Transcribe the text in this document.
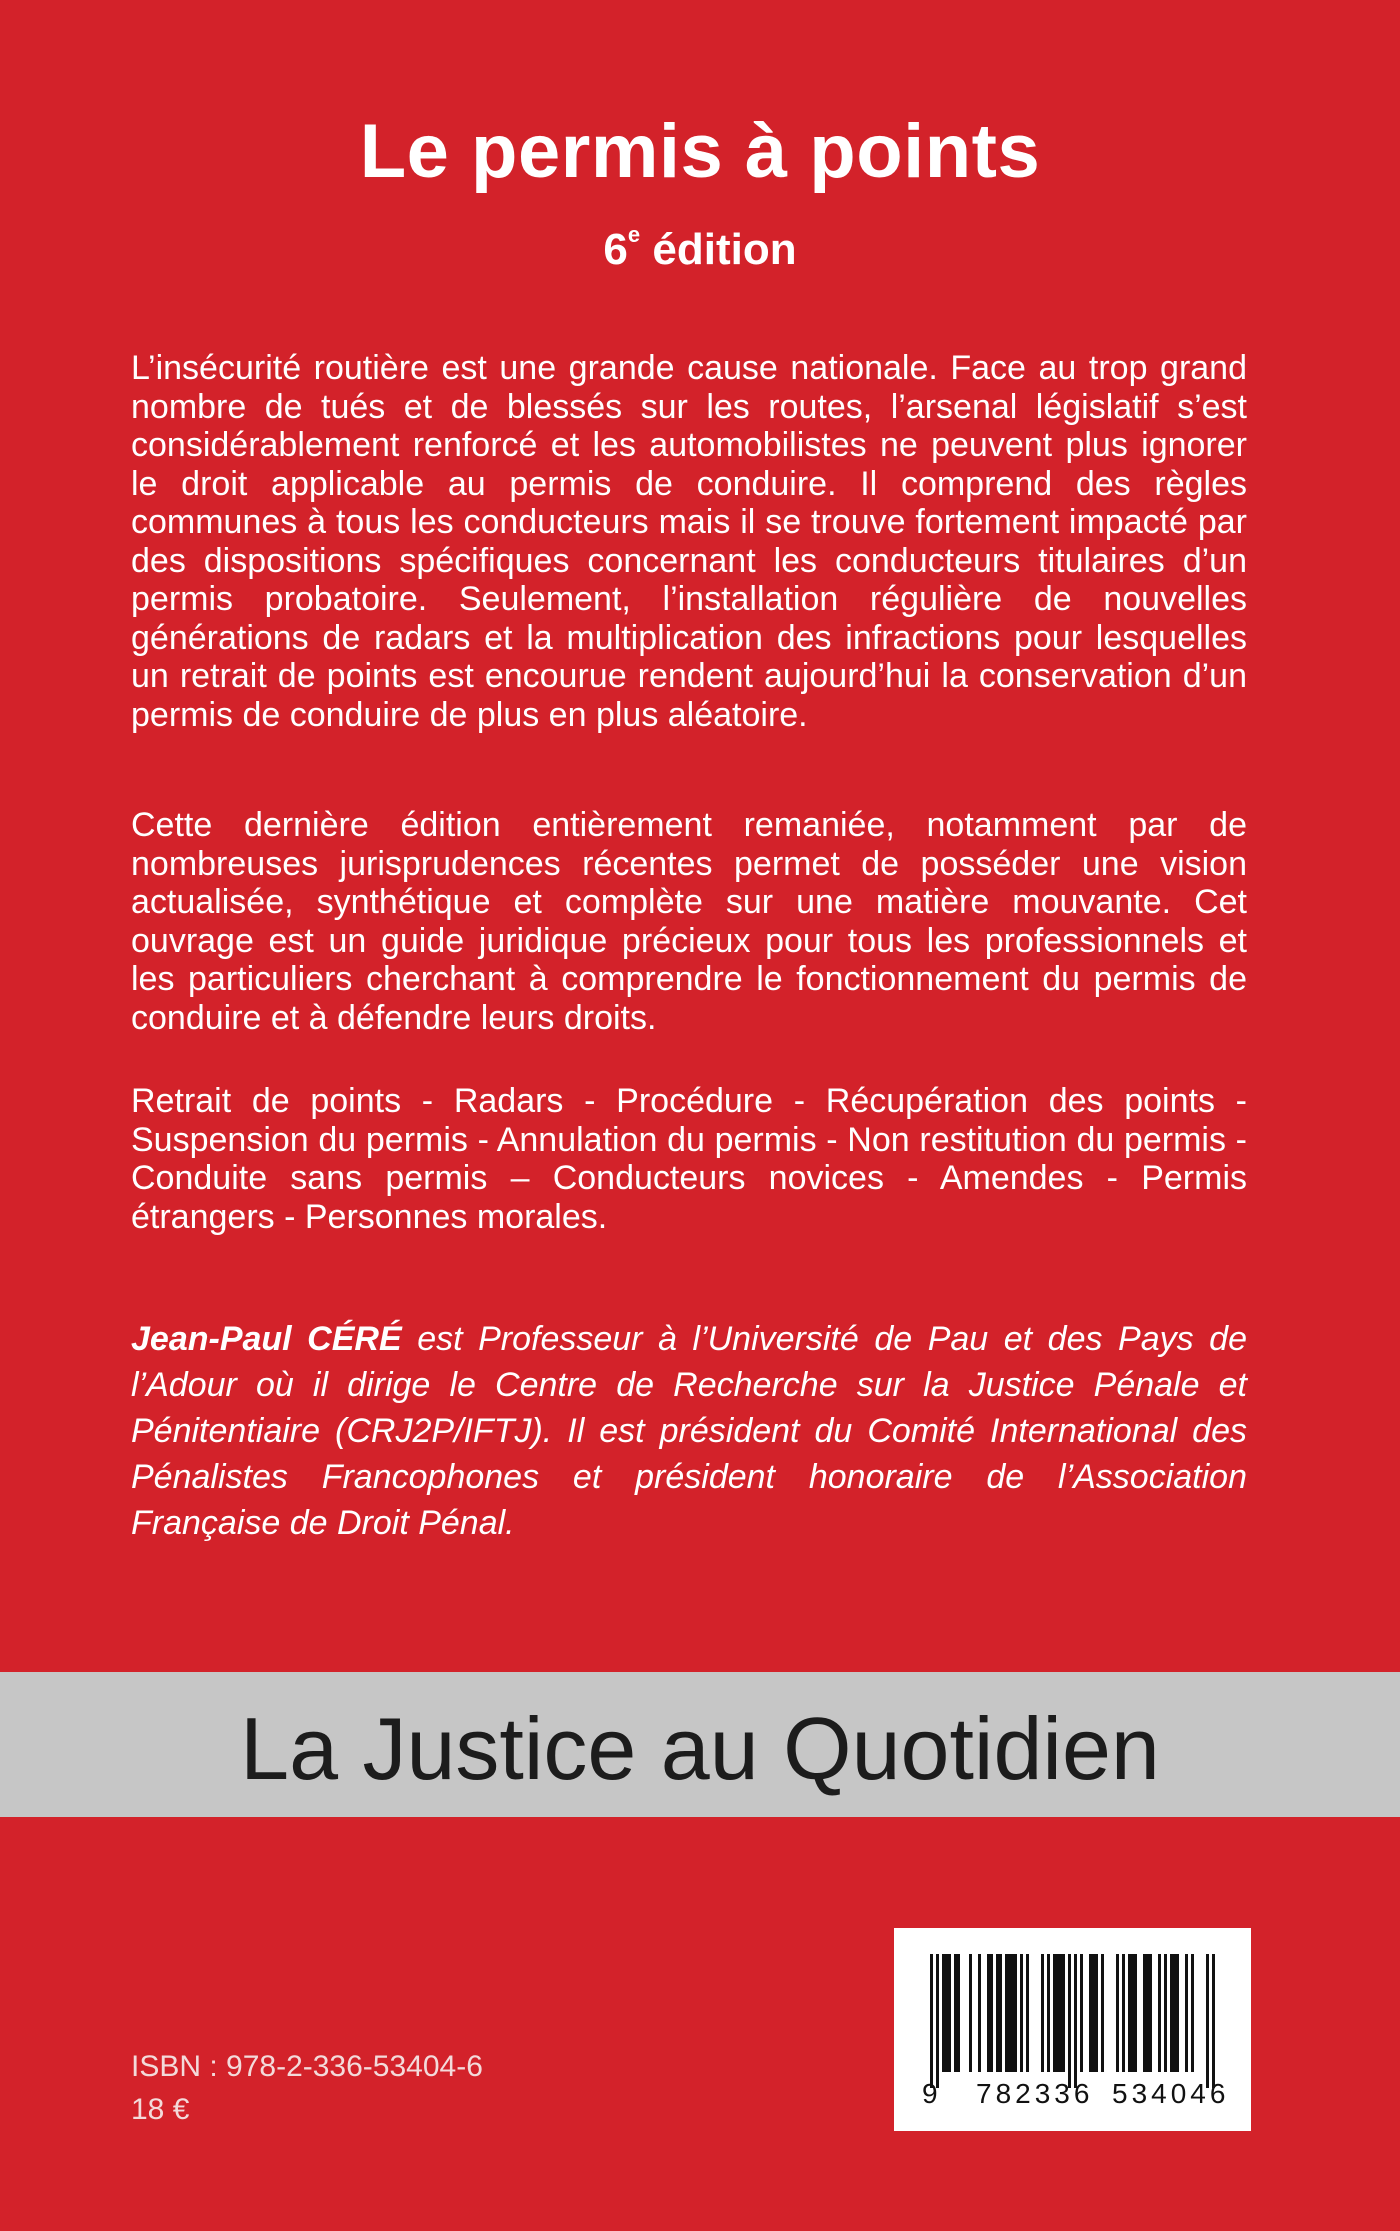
Le permis à points

6e édition

L’insécurité routière est une grande cause nationale. Face au trop grand nombre de tués et de blessés sur les routes, l’arsenal législatif s’est considérablement renforcé et les automobilistes ne peuvent plus ignorer le droit applicable au permis de conduire. Il comprend des règles communes à tous les conducteurs mais il se trouve fortement impacté par des dispositions spécifiques concernant les conducteurs titulaires d’un permis probatoire. Seulement, l’installation régulière de nouvelles générations de radars et la multiplication des infractions pour lesquelles un retrait de points est encourue rendent aujourd’hui la conservation d’un permis de conduire de plus en plus aléatoire.

Cette dernière édition entièrement remaniée, notamment par de nombreuses jurisprudences récentes permet de posséder une vision actualisée, synthétique et complète sur une matière mouvante. Cet ouvrage est un guide juridique précieux pour tous les professionnels et les particuliers cherchant à comprendre le fonctionnement du permis de conduire et à défendre leurs droits.

Retrait de points - Radars - Procédure - Récupération des points - Suspension du permis - Annulation du permis - Non restitution du permis - Conduite sans permis – Conducteurs novices - Amendes - Permis étrangers - Personnes morales.

Jean-Paul CÉRÉ est Professeur à l’Université de Pau et des Pays de l’Adour où il dirige le Centre de Recherche sur la Justice Pénale et Pénitentiaire (CRJ2P/IFTJ). Il est président du Comité International des Pénalistes Francophones et président honoraire de l’Association Française de Droit Pénal.

La Justice au Quotidien

ISBN : 978-2-336-53404-6

18 €	9 782336 534046
